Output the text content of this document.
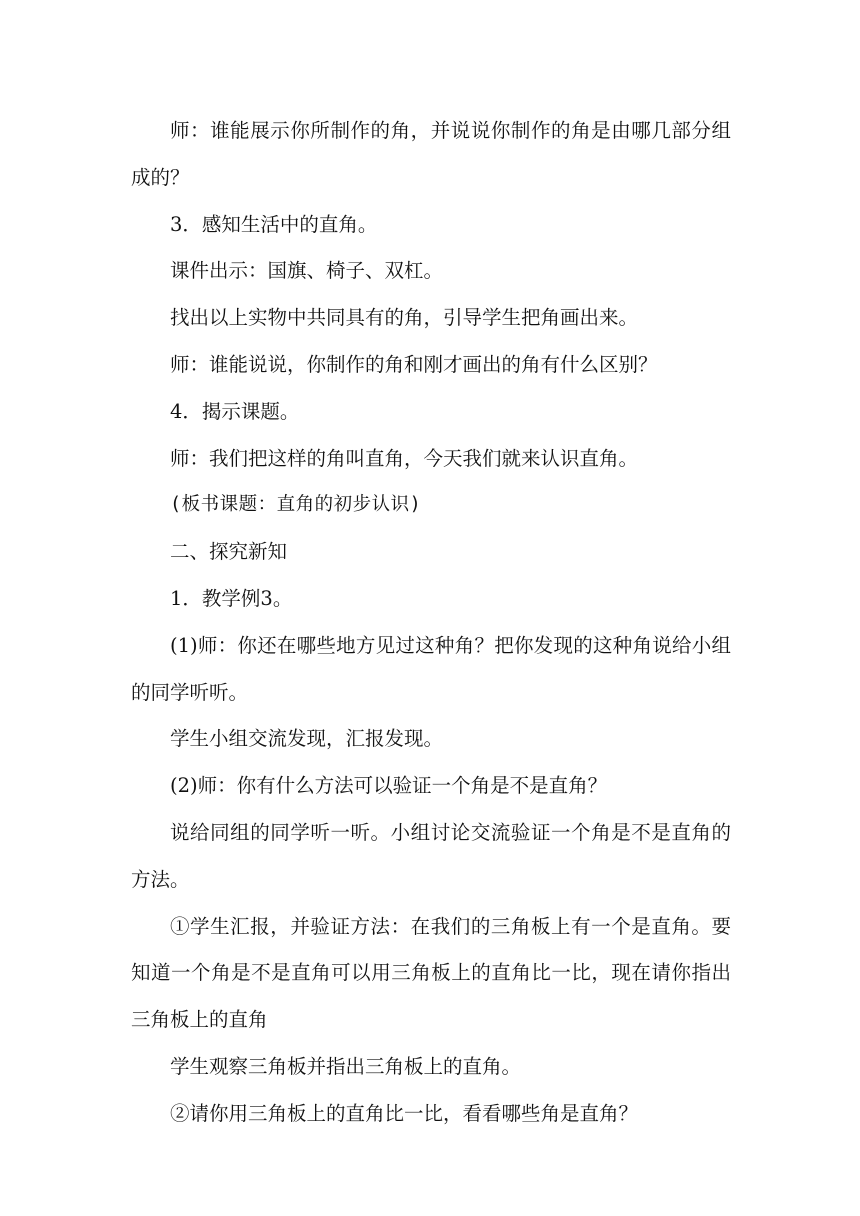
师：谁能展示你所制作的角，并说说你制作的角是由哪几部分组成的？

3．感知生活中的直角。

课件出示：国旗、椅子、双杠。

找出以上实物中共同具有的角，引导学生把角画出来。

师：谁能说说，你制作的角和刚才画出的角有什么区别？

4．揭示课题。

师：我们把这样的角叫直角，今天我们就来认识直角。

(板书课题：直角的初步认识)

二、探究新知

1．教学例3。

(1)师：你还在哪些地方见过这种角？把你发现的这种角说给小组的同学听听。

学生小组交流发现，汇报发现。

(2)师：你有什么方法可以验证一个角是不是直角？

说给同组的同学听一听。小组讨论交流验证一个角是不是直角的方法。

①学生汇报，并验证方法：在我们的三角板上有一个是直角。要知道一个角是不是直角可以用三角板上的直角比一比，现在请你指出三角板上的直角

学生观察三角板并指出三角板上的直角。

②请你用三角板上的直角比一比，看看哪些角是直角？
